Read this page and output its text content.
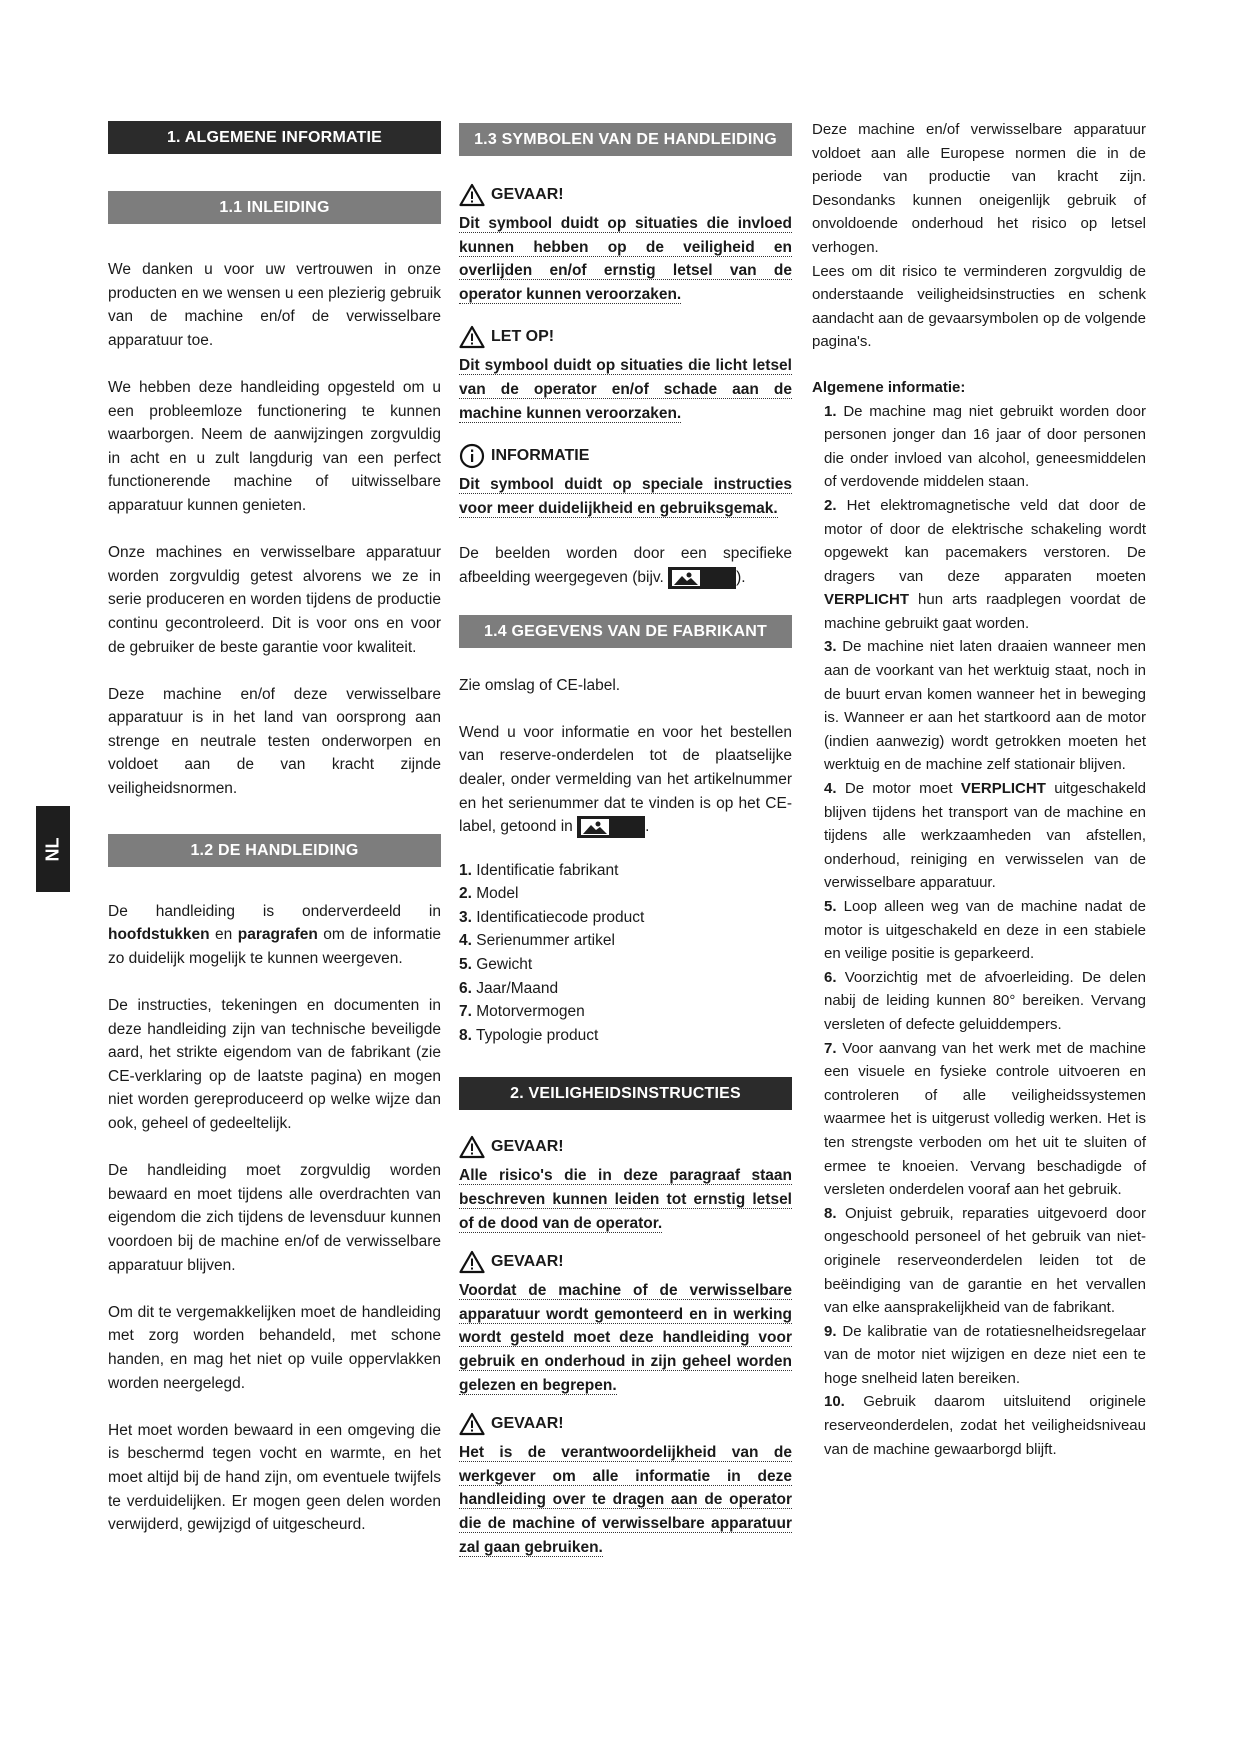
NL
1. ALGEMENE INFORMATIE
1.1 INLEIDING

We danken u voor uw vertrouwen in onze producten en we wensen u een plezierig gebruik van de machine en/of de verwisselbare apparatuur toe.

We hebben deze handleiding opgesteld om u een probleemloze functionering te kunnen waarborgen. Neem de aanwijzingen zorgvuldig in acht en u zult langdurig van een perfect functionerende machine of uitwisselbare apparatuur kunnen genieten.

Onze machines en verwisselbare apparatuur worden zorgvuldig getest alvorens we ze in serie produceren en worden tijdens de productie continu gecontroleerd. Dit is voor ons en voor de gebruiker de beste garantie voor kwaliteit.

Deze machine en/of deze verwisselbare apparatuur is in het land van oorsprong aan strenge en neutrale testen onderworpen en voldoet aan de van kracht zijnde veiligheidsnormen.

1.2 DE HANDLEIDING

De handleiding is onderverdeeld in hoofdstukken en paragrafen om de informatie zo duidelijk mogelijk te kunnen weergeven.

De instructies, tekeningen en documenten in deze handleiding zijn van technische beveiligde aard, het strikte eigendom van de fabrikant (zie CE-verklaring op de laatste pagina) en mogen niet worden gereproduceerd op welke wijze dan ook, geheel of gedeeltelijk.

De handleiding moet zorgvuldig worden bewaard en moet tijdens alle overdrachten van eigendom die zich tijdens de levensduur kunnen voordoen bij de machine en/of de verwisselbare apparatuur blijven.

Om dit te vergemakkelijken moet de handleiding met zorg worden behandeld, met schone handen, en mag het niet op vuile oppervlakken worden neergelegd.

Het moet worden bewaard in een omgeving die is beschermd tegen vocht en warmte, en het moet altijd bij de hand zijn, om eventuele twijfels te verduidelijken. Er mogen geen delen worden verwijderd, gewijzigd of uitgescheurd.

1.3 SYMBOLEN VAN DE HANDLEIDING
GEVAAR!
Dit symbool duidt op situaties die invloed kunnen hebben op de veiligheid en overlijden en/of ernstig letsel van de operator kunnen veroorzaken.
LET OP!
Dit symbool duidt op situaties die licht letsel van de operator en/of schade aan de machine kunnen veroorzaken.
INFORMATIE
Dit symbool duidt op speciale instructies voor meer duidelijkheid en gebruiksgemak.

De beelden worden door een specifieke afbeelding weergegeven (bijv.	).

1.4 GEGEVENS VAN DE FABRIKANT

Zie omslag of CE-label.

Wend u voor informatie en voor het bestellen van reserve-onderdelen tot de plaatselijke dealer, onder vermelding van het artikelnummer en het serienummer dat te vinden is op het CE-label, getoond in	.

1. Identificatie fabrikant

2. Model

3. Identificatiecode product

4. Serienummer artikel

5. Gewicht

6. Jaar/Maand

7. Motorvermogen

8. Typologie product

2. VEILIGHEIDSINSTRUCTIES
GEVAAR!
Alle risico's die in deze paragraaf staan beschreven kunnen leiden tot ernstig letsel of de dood van de operator.
GEVAAR!
Voordat de machine of de verwisselbare apparatuur wordt gemonteerd en in werking wordt gesteld moet deze handleiding voor gebruik en onderhoud in zijn geheel worden gelezen en begrepen.
GEVAAR!
Het is de verantwoordelijkheid van de werkgever om alle informatie in deze handleiding over te dragen aan de operator die de machine of verwisselbare apparatuur zal gaan gebruiken.

Deze machine en/of verwisselbare apparatuur voldoet aan alle Europese normen die in de periode van productie van kracht zijn. Desondanks kunnen oneigenlijk gebruik of onvoldoende onderhoud het risico op letsel verhogen.

Lees om dit risico te verminderen zorgvuldig de onderstaande veiligheidsinstructies en schenk aandacht aan de gevaarsymbolen op de volgende pagina's.

Algemene informatie:

1. De machine mag niet gebruikt worden door personen jonger dan 16 jaar of door personen die onder invloed van alcohol, geneesmiddelen of verdovende middelen staan.

2. Het elektromagnetische veld dat door de motor of door de elektrische schakeling wordt opgewekt kan pacemakers verstoren. De dragers van deze apparaten moeten VERPLICHT hun arts raadplegen voordat de machine gebruikt gaat worden.

3. De machine niet laten draaien wanneer men aan de voorkant van het werktuig staat, noch in de buurt ervan komen wanneer het in beweging is. Wanneer er aan het startkoord aan de motor (indien aanwezig) wordt getrokken moeten het werktuig en de machine zelf stationair blijven.

4. De motor moet VERPLICHT uitgeschakeld blijven tijdens het transport van de machine en tijdens alle werkzaamheden van afstellen, onderhoud, reiniging en verwisselen van de verwisselbare apparatuur.

5. Loop alleen weg van de machine nadat de motor is uitgeschakeld en deze in een stabiele en veilige positie is geparkeerd.

6. Voorzichtig met de afvoerleiding. De delen nabij de leiding kunnen 80° bereiken. Vervang versleten of defecte geluiddempers.

7. Voor aanvang van het werk met de machine een visuele en fysieke controle uitvoeren en controleren of alle veiligheidssystemen waarmee het is uitgerust volledig werken. Het is ten strengste verboden om het uit te sluiten of ermee te knoeien. Vervang beschadigde of versleten onderdelen vooraf aan het gebruik.

8. Onjuist gebruik, reparaties uitgevoerd door ongeschoold personeel of het gebruik van niet-originele reserveonderdelen leiden tot de beëindiging van de garantie en het vervallen van elke aansprakelijkheid van de fabrikant.

9. De kalibratie van de rotatiesnelheidsregelaar van de motor niet wijzigen en deze niet een te hoge snelheid laten bereiken.

10. Gebruik daarom uitsluitend originele reserveonderdelen, zodat het veiligheidsniveau van de machine gewaarborgd blijft.
